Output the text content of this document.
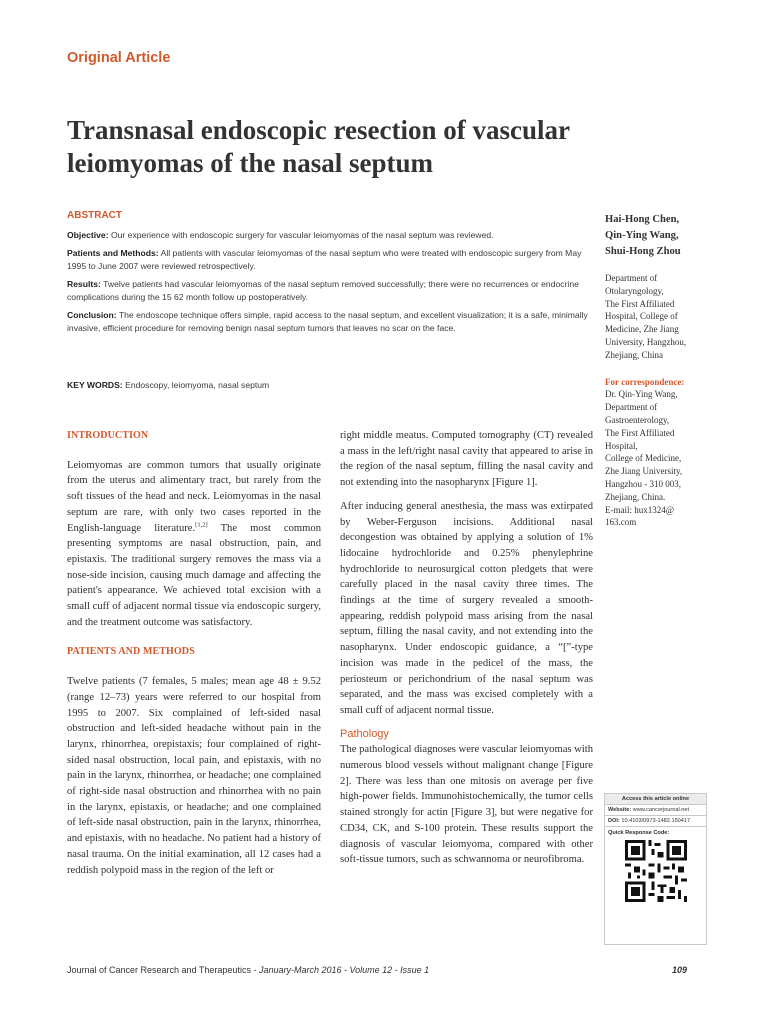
Original Article
Transnasal endoscopic resection of vascular leiomyomas of the nasal septum
ABSTRACT

Objective: Our experience with endoscopic surgery for vascular leiomyomas of the nasal septum was reviewed.

Patients and Methods: All patients with vascular leiomyomas of the nasal septum who were treated with endoscopic surgery from May 1995 to June 2007 were reviewed retrospectively.

Results: Twelve patients had vascular leiomyomas of the nasal septum removed successfully; there were no recurrences or endocrine complications during the 15 62 month follow up postoperatively.

Conclusion: The endoscope technique offers simple, rapid access to the nasal septum, and excellent visualization; it is a safe, minimally invasive, efficient procedure for removing benign nasal septum tumors that leaves no scar on the face.

KEY WORDS: Endoscopy, leiomyoma, nasal septum
INTRODUCTION

Leiomyomas are common tumors that usually originate from the uterus and alimentary tract, but rarely from the soft tissues of the head and neck. Leiomyomas in the nasal septum are rare, with only two cases reported in the English-language literature.[1,2] The most common presenting symptoms are nasal obstruction, pain, and epistaxis. The traditional surgery removes the mass via a nose-side incision, causing much damage and affecting the patient's appearance. We achieved total excision with a small cuff of adjacent normal tissue via endoscopic surgery, and the treatment outcome was satisfactory.

PATIENTS AND METHODS

Twelve patients (7 females, 5 males; mean age 48 ± 9.52 (range 12–73) years were referred to our hospital from 1995 to 2007. Six complained of left-sided nasal obstruction and left-sided headache without pain in the larynx, rhinorrhea, orepistaxis; four complained of right-sided nasal obstruction, local pain, and epistaxis, with no pain in the larynx, rhinorrhea, or headache; one complained of right-side nasal obstruction and rhinorrhea with no pain in the larynx, epistaxis, or headache; and one complained of left-side nasal obstruction, pain in the larynx, rhinorrhea, and epistaxis, with no headache. No patient had a history of nasal trauma. On the initial examination, all 12 cases had a reddish polypoid mass in the region of the left or

right middle meatus. Computed tomography (CT) revealed a mass in the left/right nasal cavity that appeared to arise in the region of the nasal septum, filling the nasal cavity and not extending into the nasopharynx [Figure 1].

After inducing general anesthesia, the mass was extirpated by Weber-Ferguson incisions. Additional nasal decongestion was obtained by applying a solution of 1% lidocaine hydrochloride and 0.25% phenylephrine hydrochloride to neurosurgical cotton pledgets that were carefully placed in the nasal cavity three times. The findings at the time of surgery revealed a smooth-appearing, reddish polypoid mass arising from the nasal septum, filling the nasal cavity, and not extending into the nasopharynx. Under endoscopic guidance, a “[”-type incision was made in the pedicel of the mass, the periosteum or perichondrium of the nasal septum was separated, and the mass was excised completely with a small cuff of adjacent normal tissue.

Pathology

The pathological diagnoses were vascular leiomyomas with numerous blood vessels without malignant change [Figure 2]. There was less than one mitosis on average per five high-power fields. Immunohistochemically, the tumor cells stained strongly for actin [Figure 3], but were negative for CD34, CK, and S-100 protein. These results support the diagnosis of vascular leiomyoma, compared with other soft-tissue tumors, such as schwannoma or neurofibroma.

Hai-Hong Chen,
Qin-Ying Wang,
Shui-Hong Zhou
Department of
Otolaryngology,
The First Affiliated
Hospital, College of
Medicine, Zhe Jiang
University, Hangzhou,
Zhejiang, China
For correspondence:
Dr. Qin-Ying Wang,
Department of
Gastroenterology,
The First Affiliated
Hospital,
College of Medicine,
Zhe Jiang University,
Hangzhou - 310 003,
Zhejiang, China.
E-mail: hux1324@
163.com
Access this article online
Website: www.cancerjournal.net
DOI: 10.4103/0973-1482.150417
Quick Response Code:
Journal of Cancer Research and Therapeutics - January-March 2016 - Volume 12 - Issue 1	109
